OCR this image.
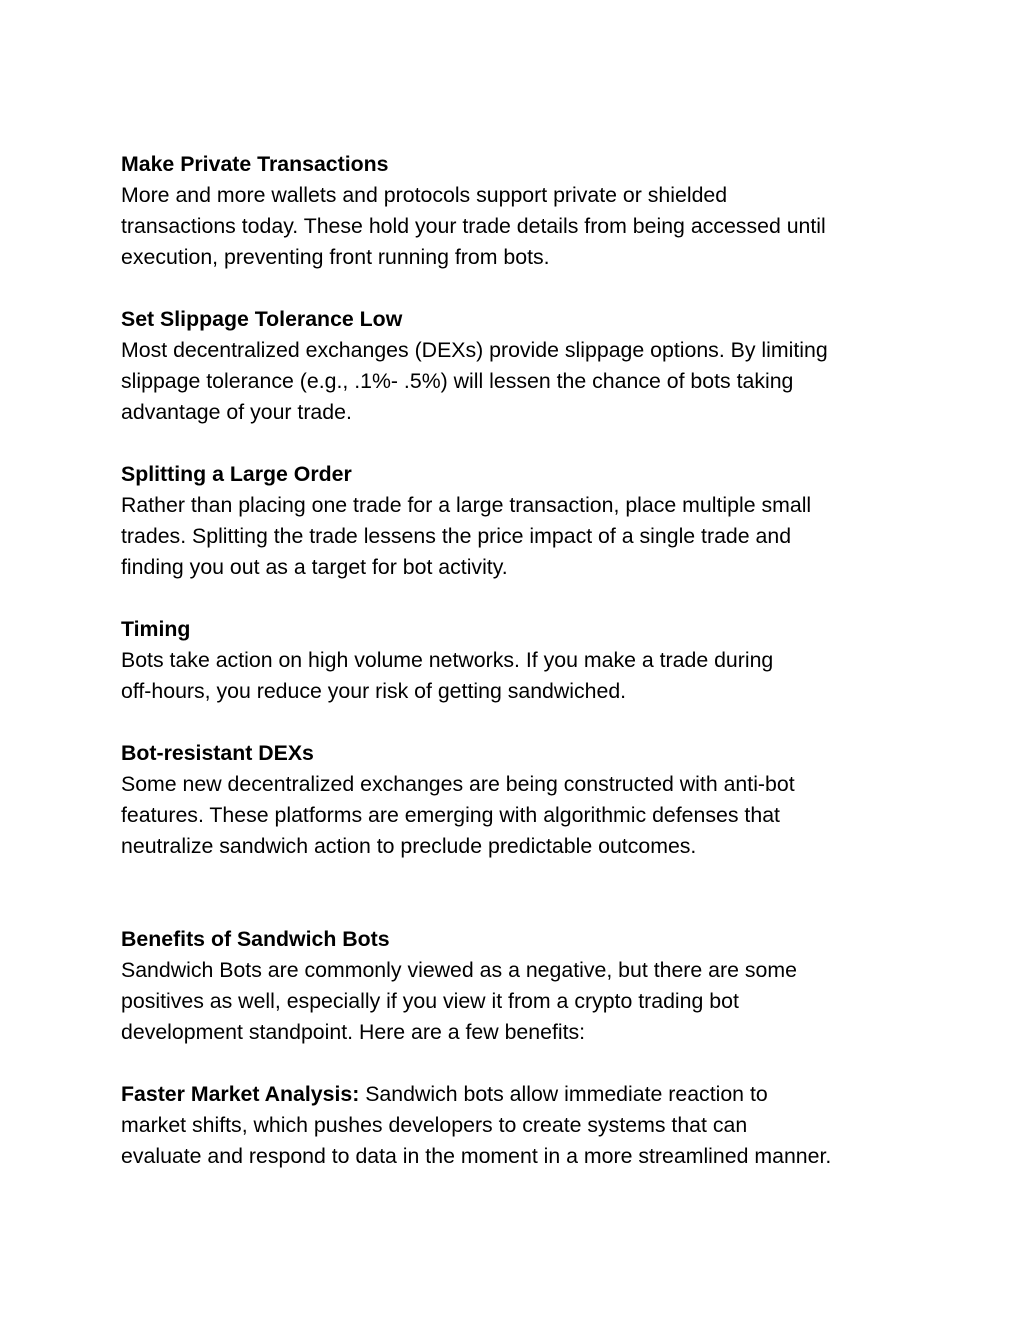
Make Private Transactions
More and more wallets and protocols support private or shielded
transactions today. These hold your trade details from being accessed until
execution, preventing front running from bots.
Set Slippage Tolerance Low
Most decentralized exchanges (DEXs) provide slippage options. By limiting
slippage tolerance (e.g., .1%- .5%) will lessen the chance of bots taking
advantage of your trade.
Splitting a Large Order
Rather than placing one trade for a large transaction, place multiple small
trades. Splitting the trade lessens the price impact of a single trade and
finding you out as a target for bot activity.
Timing
Bots take action on high volume networks. If you make a trade during
off-hours, you reduce your risk of getting sandwiched.
Bot-resistant DEXs
Some new decentralized exchanges are being constructed with anti-bot
features. These platforms are emerging with algorithmic defenses that
neutralize sandwich action to preclude predictable outcomes.
Benefits of Sandwich Bots
Sandwich Bots are commonly viewed as a negative, but there are some
positives as well, especially if you view it from a crypto trading bot
development standpoint. Here are a few benefits:
Faster Market Analysis: Sandwich bots allow immediate reaction to
market shifts, which pushes developers to create systems that can
evaluate and respond to data in the moment in a more streamlined manner.
